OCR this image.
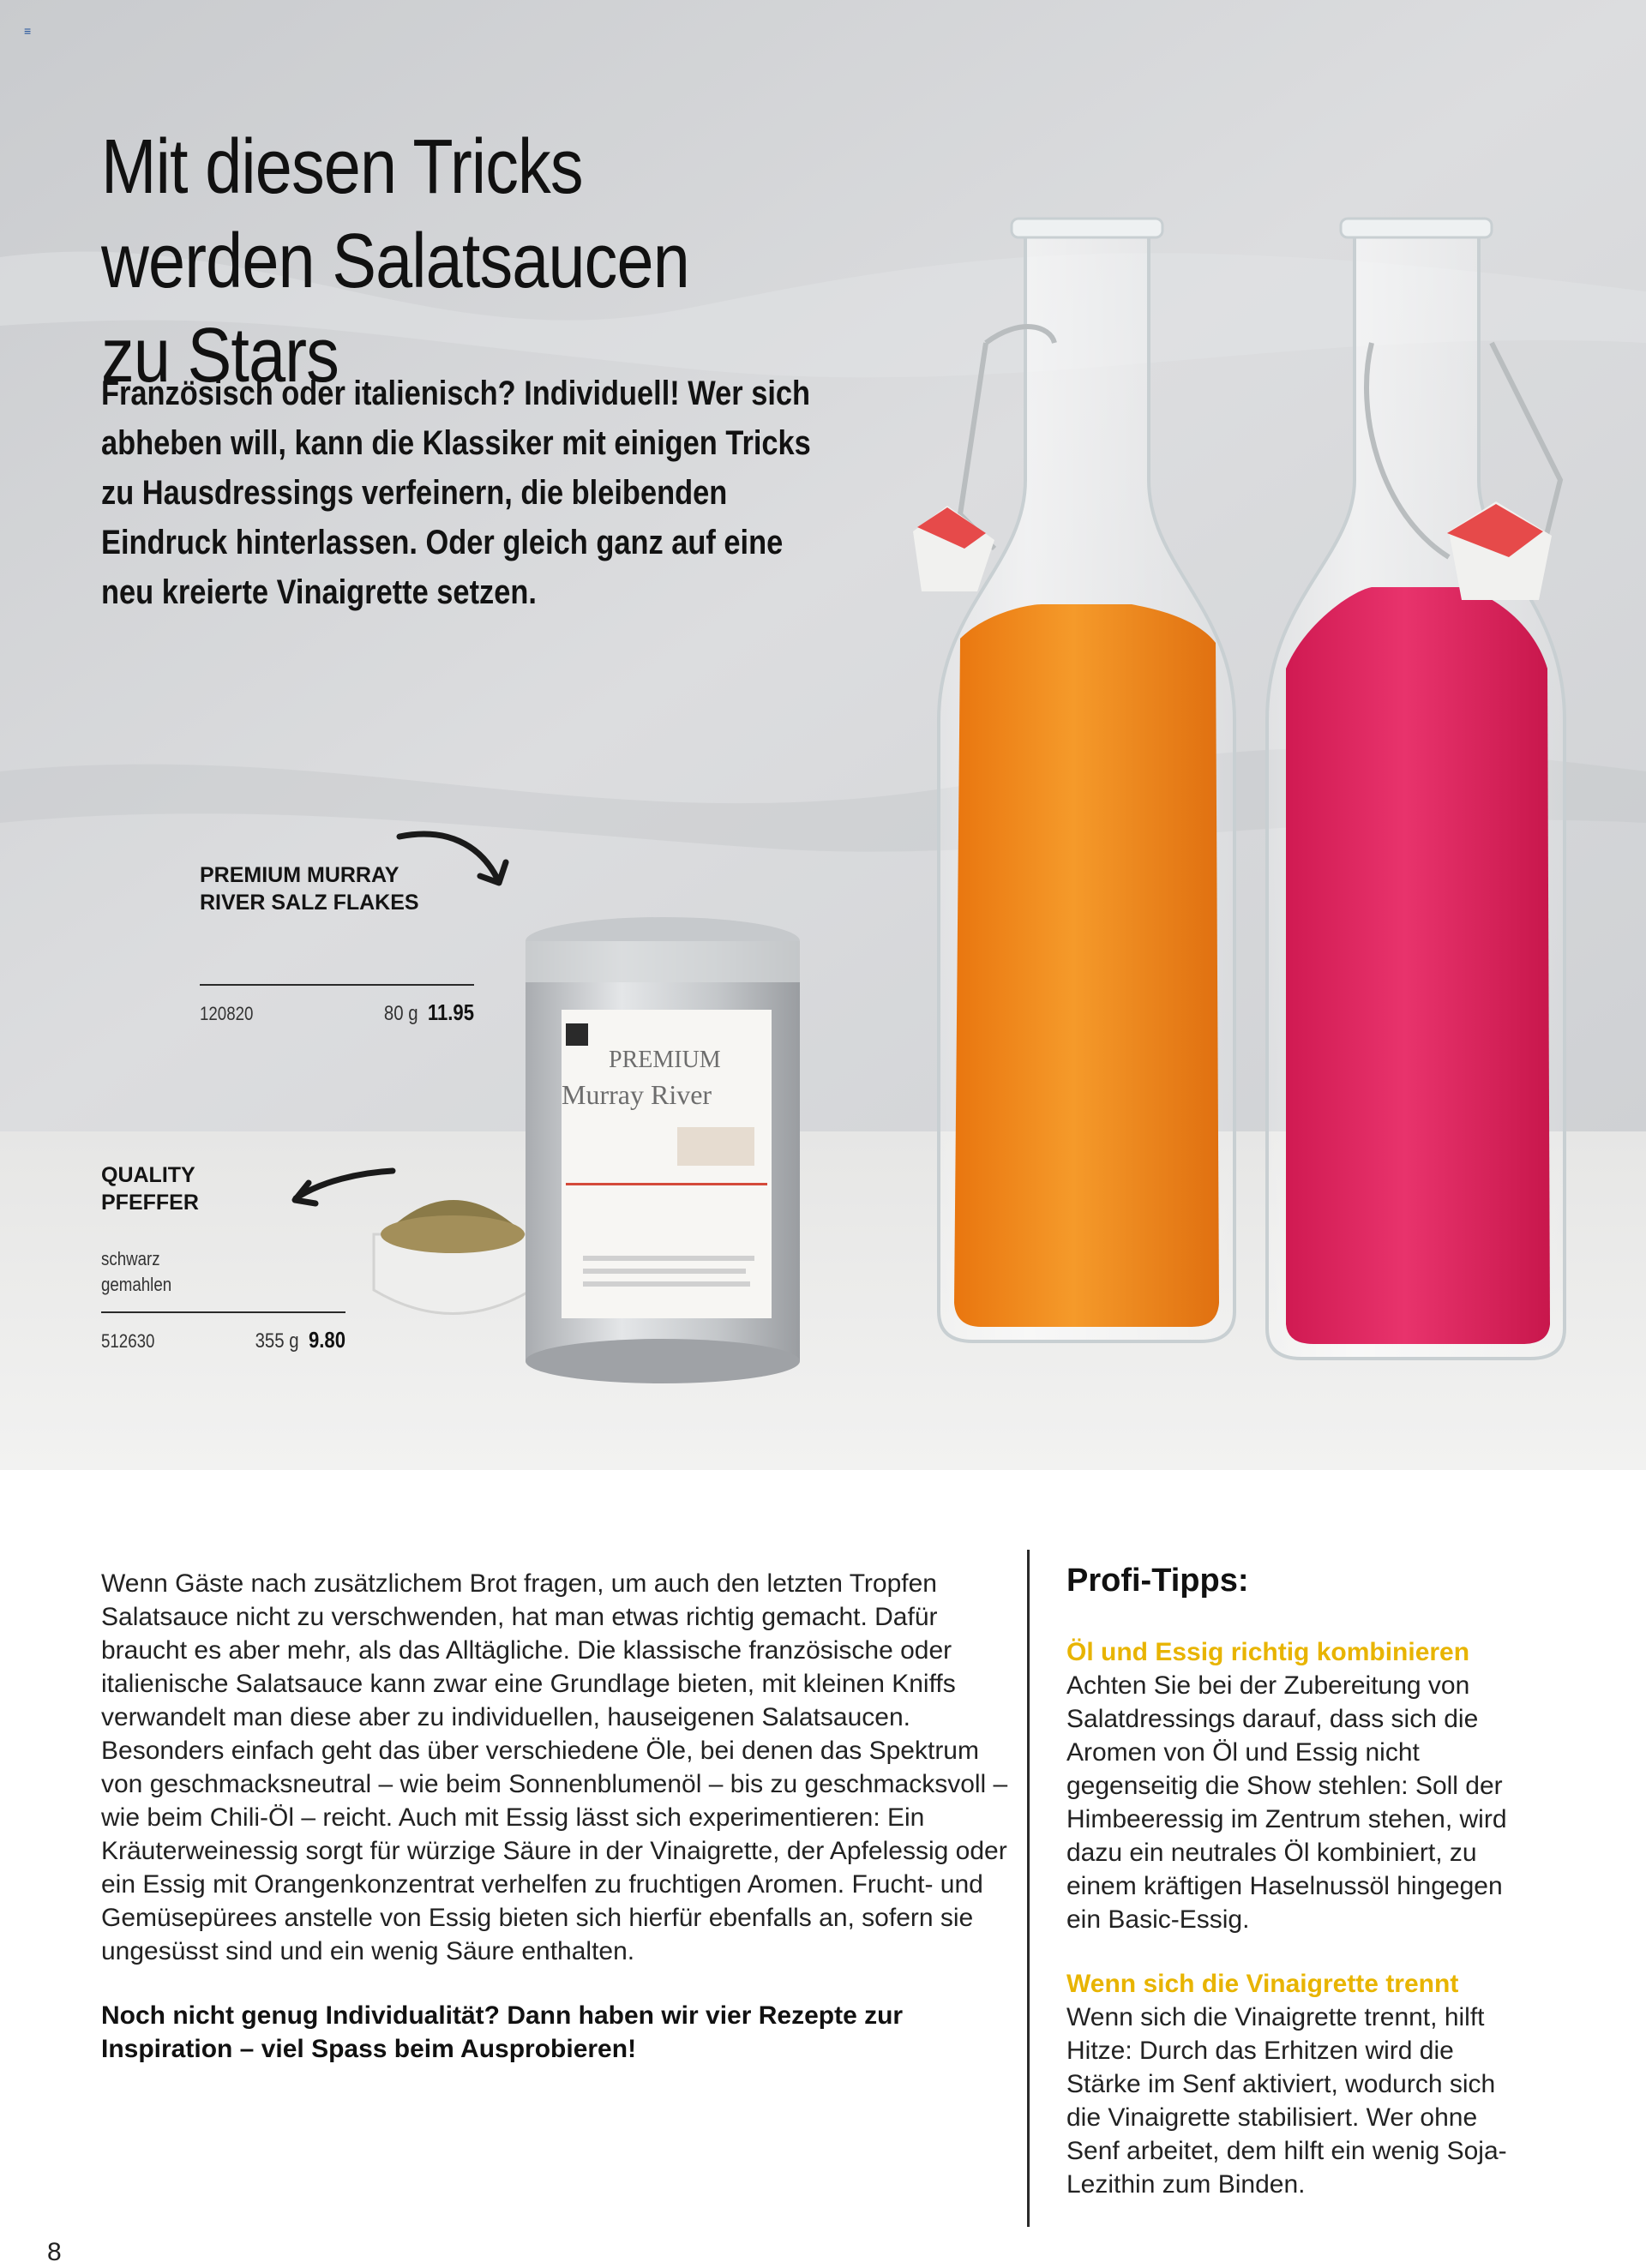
PREMIUM
Murray River
≡
Mit diesen Tricks werden Salatsaucen zu Stars

Französisch oder italienisch? Individuell! Wer sich abheben will, kann die Klassiker mit einigen Tricks zu Hausdressings verfeinern, die bleibenden Eindruck hinterlassen. Oder gleich ganz auf eine neu kreierte Vinaigrette setzen.

PREMIUM MURRAY RIVER SALZ FLAKES

120820	80 g 11.95

QUALITY PFEFFER

schwarz gemahlen
512630	355 g 9.80

Wenn Gäste nach zusätzlichem Brot fragen, um auch den letzten Tropfen Salatsauce nicht zu verschwenden, hat man etwas richtig gemacht. Dafür braucht es aber mehr, als das Alltägliche. Die klassische französische oder italienische Salatsauce kann zwar eine Grundlage bieten, mit kleinen Kniffs verwandelt man diese aber zu individuellen, hauseigenen Salatsaucen. Besonders einfach geht das über verschiedene Öle, bei denen das Spektrum von geschmacksneutral – wie beim Sonnenblumenöl – bis zu geschmacksvoll – wie beim Chili-Öl – reicht. Auch mit Essig lässt sich experimentieren: Ein Kräuterweinessig sorgt für würzige Säure in der Vinaigrette, der Apfelessig oder ein Essig mit Orangenkonzentrat verhelfen zu fruchtigen Aromen. Frucht- und Gemüsepürees anstelle von Essig bieten sich hierfür ebenfalls an, sofern sie ungesüsst sind und ein wenig Säure enthalten.

Noch nicht genug Individualität? Dann haben wir vier Rezepte zur Inspiration – viel Spass beim Ausprobieren!

Profi-Tipps:

Öl und Essig richtig kombinieren

Achten Sie bei der Zubereitung von Salatdressings darauf, dass sich die Aromen von Öl und Essig nicht gegenseitig die Show stehlen: Soll der Himbeeressig im Zentrum stehen, wird dazu ein neutrales Öl kombiniert, zu einem kräftigen Haselnussöl hingegen ein Basic-Essig.

Wenn sich die Vinaigrette trennt

Wenn sich die Vinaigrette trennt, hilft Hitze: Durch das Erhitzen wird die Stärke im Senf aktiviert, wodurch sich die Vinaigrette stabilisiert. Wer ohne Senf arbeitet, dem hilft ein wenig Soja-Lezithin zum Binden.

8
